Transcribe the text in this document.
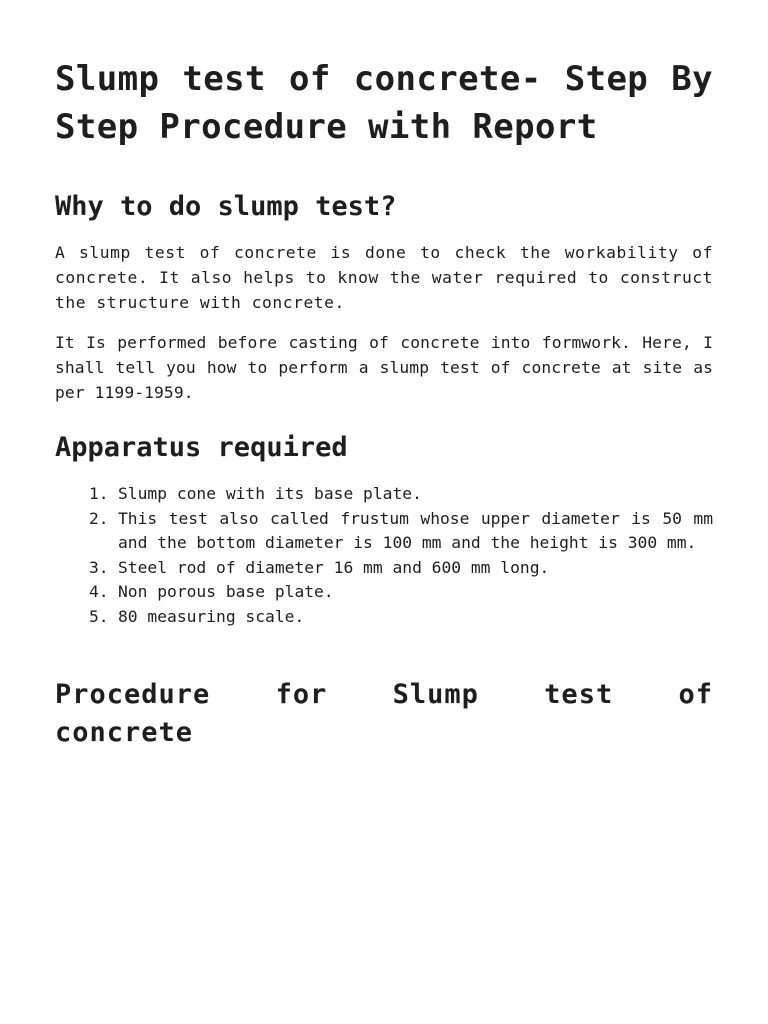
Slump test of concrete- Step By Step Procedure with Report
Why to do slump test?

A slump test of concrete is done to check the workability of concrete. It also helps to know the water required to construct the structure with concrete.

It Is performed before casting of concrete into formwork. Here, I shall tell you how to perform a slump test of concrete at site as per 1199-1959.

Apparatus required
1. Slump cone with its base plate.
2. This test also called frustum whose upper diameter is 50 mm and the bottom diameter is 100 mm and the height is 300 mm.
3. Steel rod of diameter 16 mm and 600 mm long.
4. Non porous base plate.
5. 80 measuring scale.
Procedure for Slump test of
concrete
